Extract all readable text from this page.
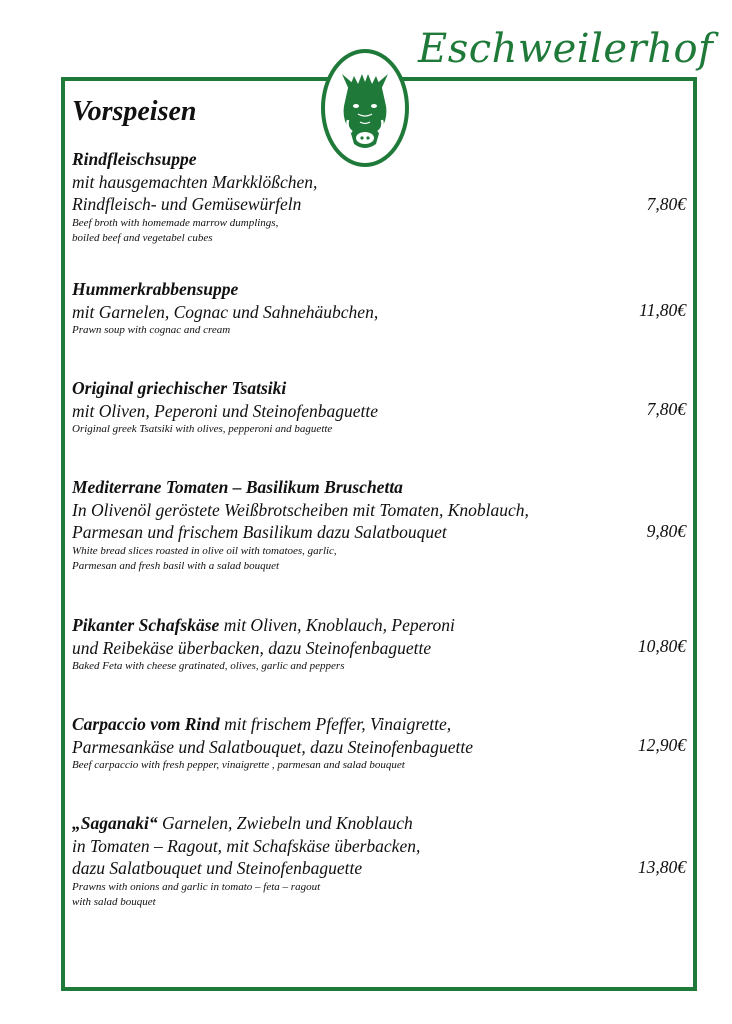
Eschweilerhof
Vorspeisen
Rindfleischsuppe
mit hausgemachten Markklößchen,
Rindfleisch- und Gemüsewürfeln
Beef broth with homemade marrow dumplings,
boiled beef and vegetabel cubes
7,80€
Hummerkrabbensuppe
mit Garnelen, Cognac und Sahnehäubchen,
Prawn soup with cognac and cream
11,80€
Original griechischer Tsatsiki
mit Oliven, Peperoni und Steinofenbaguette
Original greek Tsatsiki with olives, pepperoni and baguette
7,80€
Mediterrane Tomaten – Basilikum Bruschetta
In Olivenöl geröstete Weißbrotscheiben mit Tomaten, Knoblauch,
Parmesan und frischem Basilikum dazu Salatbouquet
White bread slices roasted in olive oil with tomatoes, garlic,
Parmesan and fresh basil with a salad bouquet
9,80€
Pikanter Schafskäse mit Oliven, Knoblauch, Peperoni
und Reibekäse überbacken, dazu Steinofenbaguette
Baked Feta with cheese gratinated, olives, garlic and peppers
10,80€
Carpaccio vom Rind mit frischem Pfeffer, Vinaigrette,
Parmesankäse und Salatbouquet, dazu Steinofenbaguette
Beef carpaccio with fresh pepper, vinaigrette , parmesan and salad bouquet
12,90€
„Saganaki“ Garnelen, Zwiebeln und Knoblauch
in Tomaten – Ragout, mit Schafskäse überbacken,
dazu Salatbouquet und Steinofenbaguette
Prawns with onions and garlic in tomato – feta – ragout
with salad bouquet
13,80€
